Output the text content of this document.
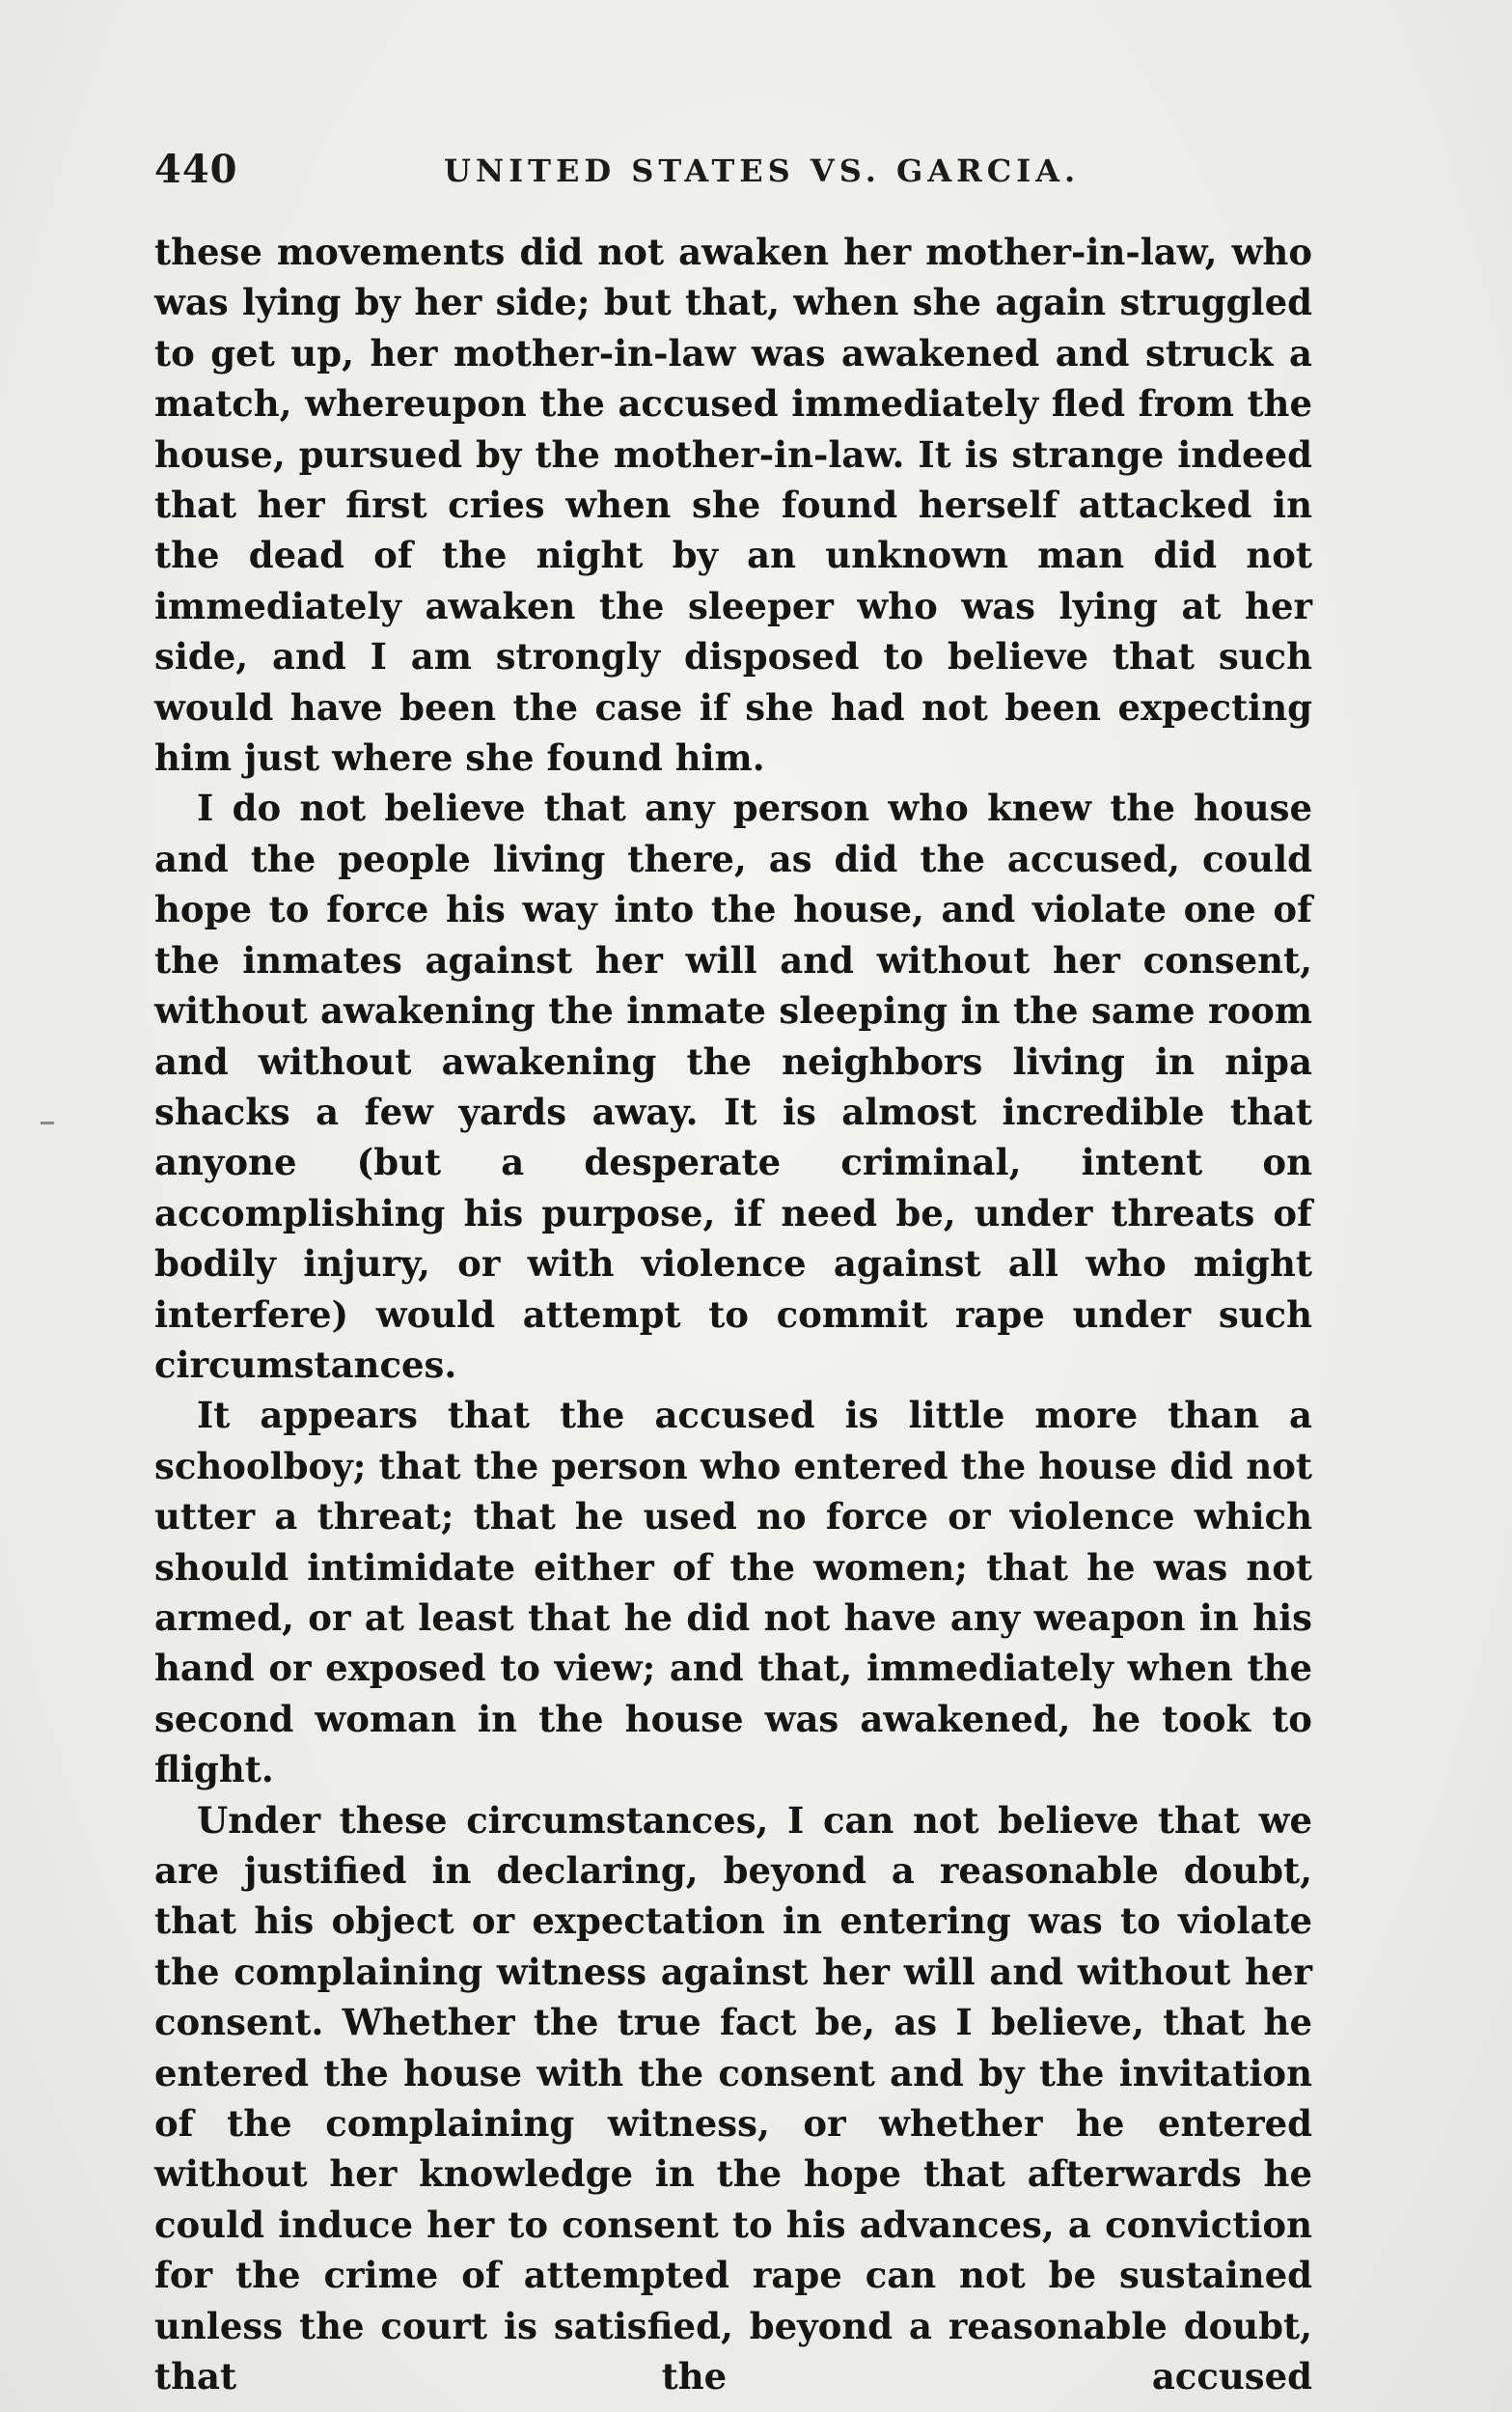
440	UNITED STATES VS. GARCIA.

these movements did not awaken her mother-in-law, who was lying by her side; but that, when she again struggled to get up, her mother-in-law was awakened and struck a match, whereupon the accused immediately fled from the house, pursued by the mother-in-law. It is strange indeed that her first cries when she found herself attacked in the dead of the night by an unknown man did not immediately awaken the sleeper who was lying at her side, and I am strongly disposed to believe that such would have been the case if she had not been expecting him just where she found him.

I do not believe that any person who knew the house and the people living there, as did the accused, could hope to force his way into the house, and violate one of the inmates against her will and without her consent, without awakening the inmate sleeping in the same room and without awakening the neighbors living in nipa shacks a few yards away. It is almost incredible that anyone (but a desperate criminal, intent on accomplishing his purpose, if need be, under threats of bodily injury, or with violence against all who might interfere) would attempt to commit rape under such circumstances.

It appears that the accused is little more than a schoolboy; that the person who entered the house did not utter a threat; that he used no force or violence which should intimidate either of the women; that he was not armed, or at least that he did not have any weapon in his hand or exposed to view; and that, immediately when the second woman in the house was awakened, he took to flight.

Under these circumstances, I can not believe that we are justified in declaring, beyond a reasonable doubt, that his object or expectation in entering was to violate the complaining witness against her will and without her consent. Whether the true fact be, as I believe, that he entered the house with the consent and by the invitation of the complaining witness, or whether he entered without her knowledge in the hope that afterwards he could induce her to consent to his advances, a conviction for the crime of attempted rape can not be sustained unless the court is satisfied, beyond a reasonable doubt, that the accused
